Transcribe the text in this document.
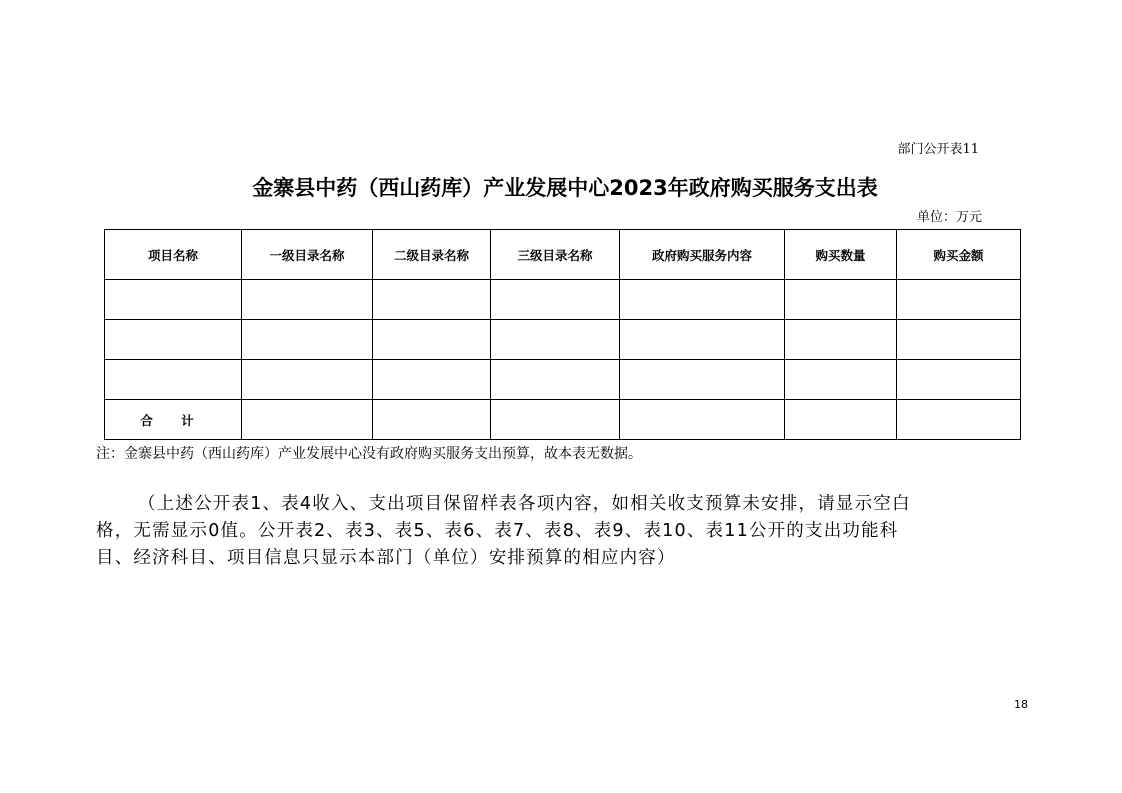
部门公开表11
金寨县中药（西山药库）产业发展中心2023年政府购买服务支出表
单位：万元
项目名称	一级目录名称	二级目录名称	三级目录名称	政府购买服务内容	购买数量	购买金额

合 计						
注：金寨县中药（西山药库）产业发展中心没有政府购买服务支出预算，故本表无数据。
（上述公开表1、表4收入、支出项目保留样表各项内容，如相关收支预算未安排，请显示空白
格，无需显示0值。公开表2、表3、表5、表6、表7、表8、表9、表10、表11公开的支出功能科
目、经济科目、项目信息只显示本部门（单位）安排预算的相应内容）
18
